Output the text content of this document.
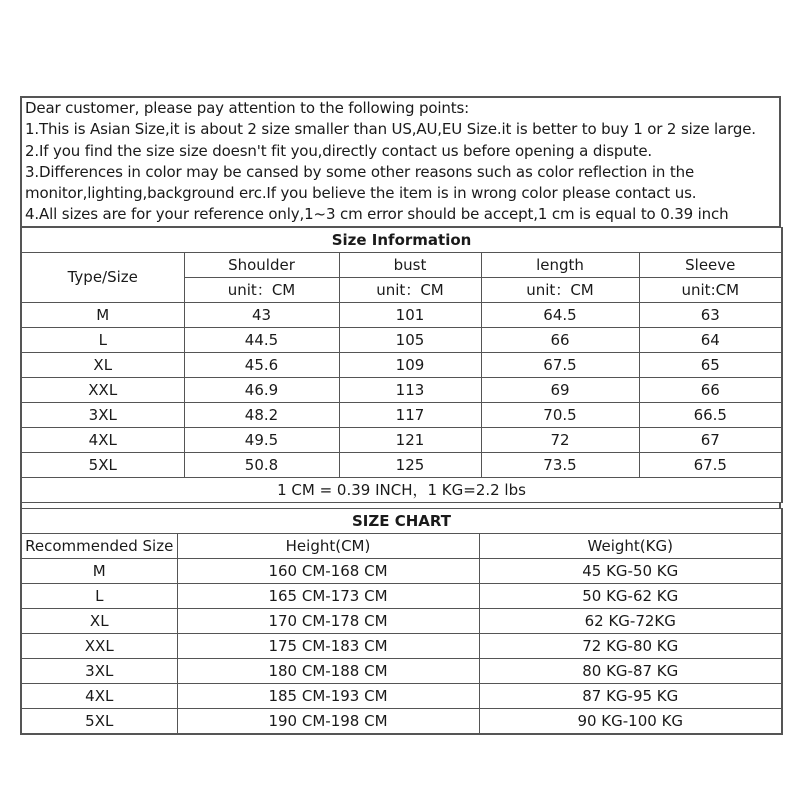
Dear customer, please pay attention to the following points:
1.This is Asian Size,it is about 2 size smaller than US,AU,EU Size.it is better to buy 1 or 2 size large.
2.If you find the size size doesn't fit you,directly contact us before opening a dispute.
3.Differences in color may be cansed by some other reasons such as color reflection in the
monitor,lighting,background erc.If you believe the item is in wrong color please contact us.
4.All sizes are for your reference only,1~3 cm error should be accept,1 cm is equal to 0.39 inch
Size Information				
Type/Size	Shoulder	bust	length	Sleeve
	unit：CM	unit：CM	unit：CM	unit:CM
M	43	101	64.5	63
L	44.5	105	66	64
XL	45.6	109	67.5	65
XXL	46.9	113	69	66
3XL	48.2	117	70.5	66.5
4XL	49.5	121	72	67
5XL	50.8	125	73.5	67.5
1 CM = 0.39 INCH，1 KG=2.2 lbs				
SIZE CHART		
Recommended Size	Height(CM)	Weight(KG)
M	160 CM-168 CM	45 KG-50 KG
L	165 CM-173 CM	50 KG-62 KG
XL	170 CM-178 CM	62 KG-72KG
XXL	175 CM-183 CM	72 KG-80 KG
3XL	180 CM-188 CM	80 KG-87 KG
4XL	185 CM-193 CM	87 KG-95 KG
5XL	190 CM-198 CM	90 KG-100 KG
